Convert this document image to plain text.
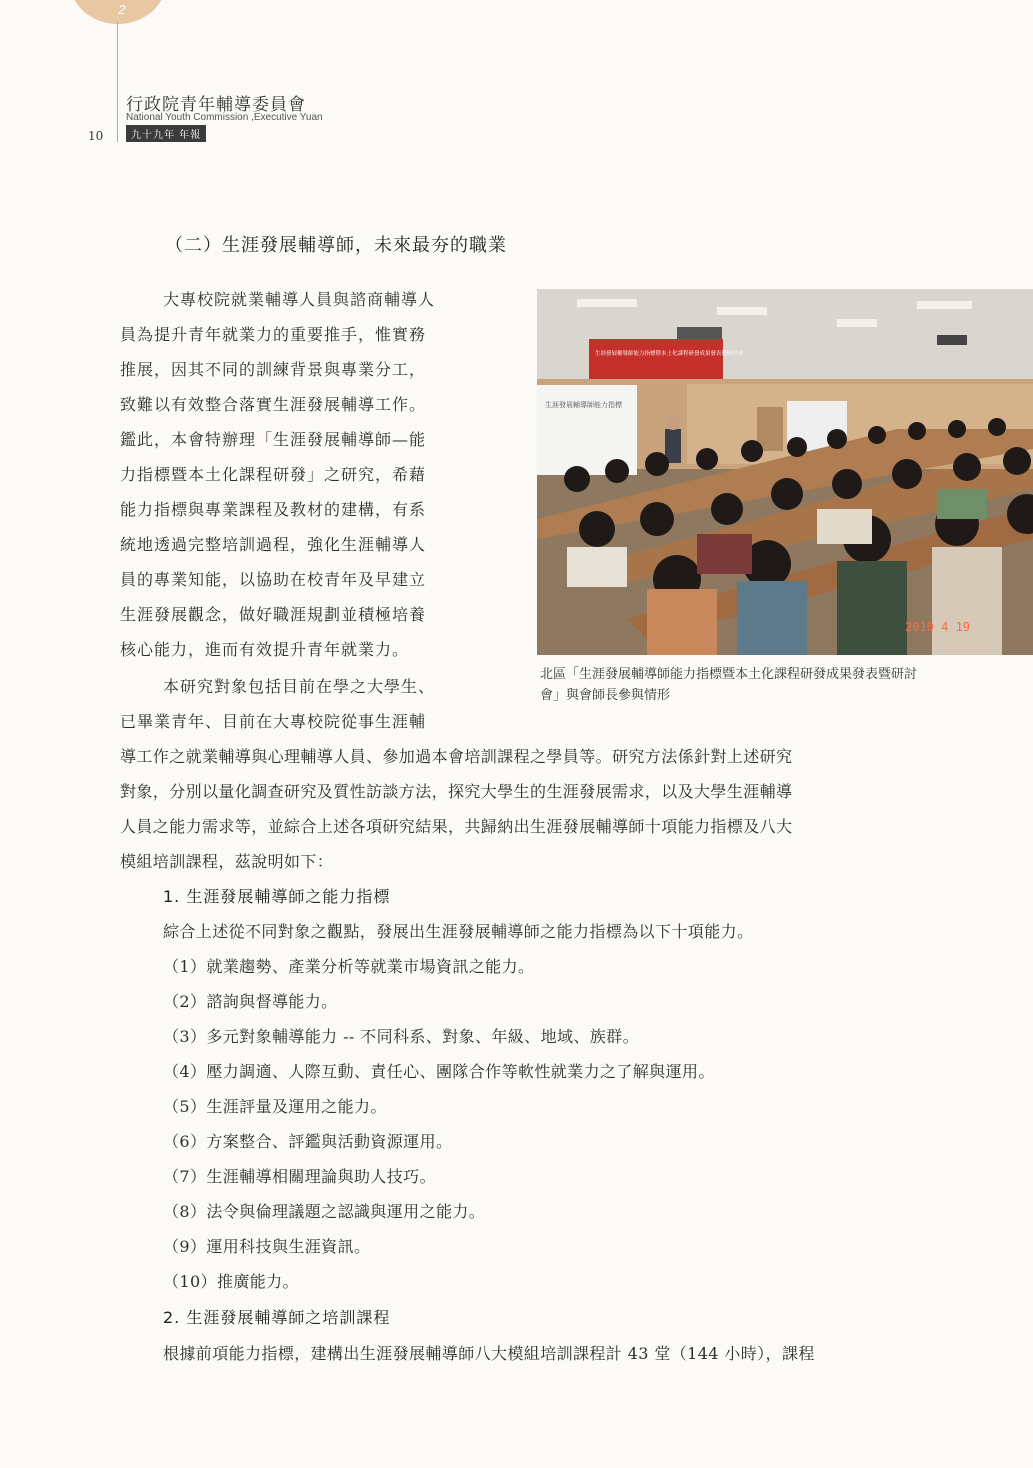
2
行政院青年輔導委員會
National Youth Commission ,Executive Yuan
九十九年 年報
10
（二）生涯發展輔導師，未來最夯的職業
大專校院就業輔導人員與諮商輔導人
員為提升青年就業力的重要推手，惟實務
推展，因其不同的訓練背景與專業分工，
致難以有效整合落實生涯發展輔導工作。
鑑此，本會特辦理「生涯發展輔導師—能
力指標暨本土化課程研發」之研究，希藉
能力指標與專業課程及教材的建構，有系
統地透過完整培訓過程，強化生涯輔導人
員的專業知能，以協助在校青年及早建立
生涯發展觀念，做好職涯規劃並積極培養
核心能力，進而有效提升青年就業力。
本研究對象包括目前在學之大學生、
已畢業青年、目前在大專校院從事生涯輔
導工作之就業輔導與心理輔導人員、參加過本會培訓課程之學員等。研究方法係針對上述研究
對象，分別以量化調查研究及質性訪談方法，探究大學生的生涯發展需求，以及大學生涯輔導
人員之能力需求等，並綜合上述各項研究結果，共歸納出生涯發展輔導師十項能力指標及八大
模組培訓課程，茲說明如下：
1. 生涯發展輔導師之能力指標
綜合上述從不同對象之觀點，發展出生涯發展輔導師之能力指標為以下十項能力。
（1）就業趨勢、產業分析等就業市場資訊之能力。
（2）諮詢與督導能力。
（3）多元對象輔導能力 -- 不同科系、對象、年級、地域、族群。
（4）壓力調適、人際互動、責任心、團隊合作等軟性就業力之了解與運用。
（5）生涯評量及運用之能力。
（6）方案整合、評鑑與活動資源運用。
（7）生涯輔導相關理論與助人技巧。
（8）法令與倫理議題之認識與運用之能力。
（9）運用科技與生涯資訊。
（10）推廣能力。
2. 生涯發展輔導師之培訓課程
根據前項能力指標，建構出生涯發展輔導師八大模組培訓課程計 43 堂（144 小時），課程
生涯發展輔導師能力指標
生涯發展輔導師能力指標暨本土化課程研發成果發表暨研討會
2010 4 19
北區「生涯發展輔導師能力指標暨本土化課程研發成果發表暨研討
會」與會師長參與情形
